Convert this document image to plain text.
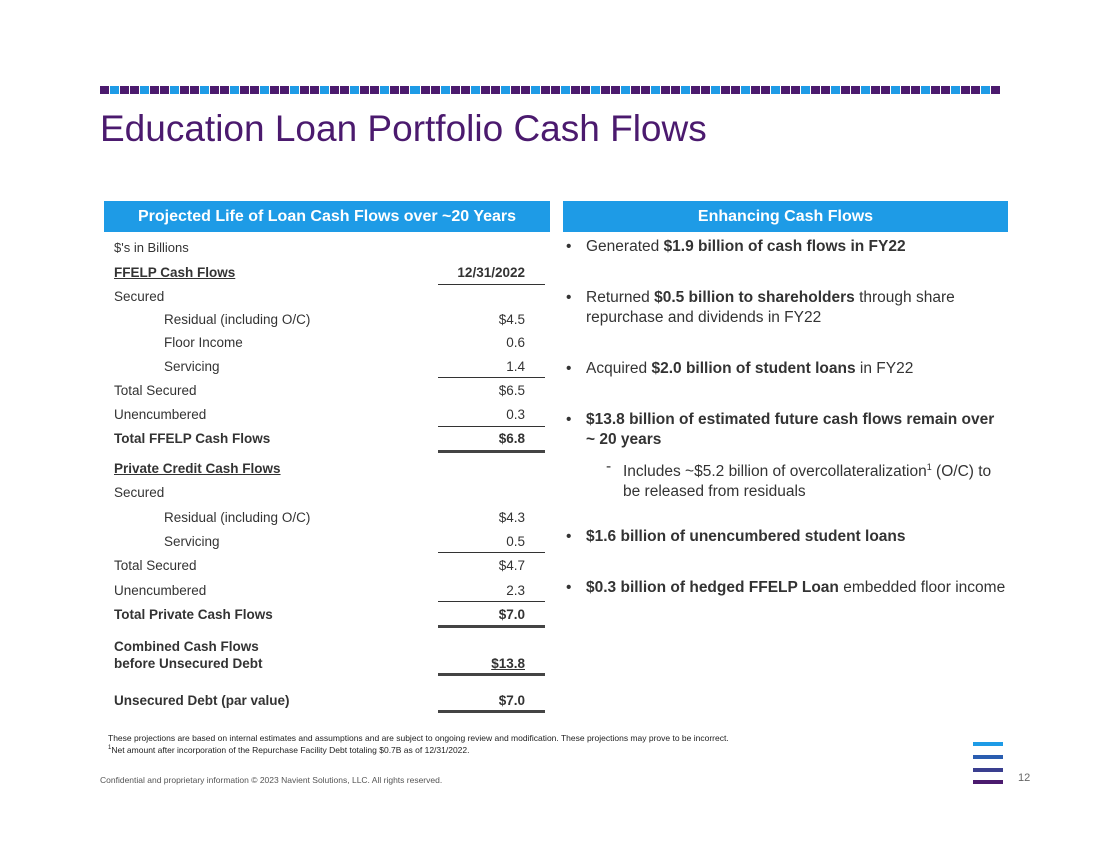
Education Loan Portfolio Cash Flows
Projected Life of Loan Cash Flows over ~20 Years
$'s in Billions
FFELP Cash Flows	12/31/2022
Secured
Residual (including O/C)	$4.5
Floor Income	0.6
Servicing	1.4
Total Secured	$6.5
Unencumbered	0.3
Total FFELP Cash Flows	$6.8
Private Credit Cash Flows
Secured
Residual (including O/C)	$4.3
Servicing	0.5
Total Secured	$4.7
Unencumbered	2.3
Total Private Cash Flows	$7.0
Combined Cash Flows
before Unsecured Debt	$13.8
Unsecured Debt (par value)	$7.0
Enhancing Cash Flows
• Generated $1.9 billion of cash flows in FY22
• Returned $0.5 billion to shareholders through share repurchase and dividends in FY22
• Acquired $2.0 billion of student loans in FY22
• $13.8 billion of estimated future cash flows remain over ~ 20 years
- Includes ~$5.2 billion of overcollateralization$^1$ (O/C) to be released from residuals
• $1.6 billion of unencumbered student loans
• $0.3 billion of hedged FFELP Loan embedded floor income
These projections are based on internal estimates and assumptions and are subject to ongoing review and modification. These projections may prove to be incorrect.
$^1$Net amount after incorporation of the Repurchase Facility Debt totaling $0.7B as of 12/31/2022.
Confidential and proprietary information © 2023 Navient Solutions, LLC. All rights reserved.	12
